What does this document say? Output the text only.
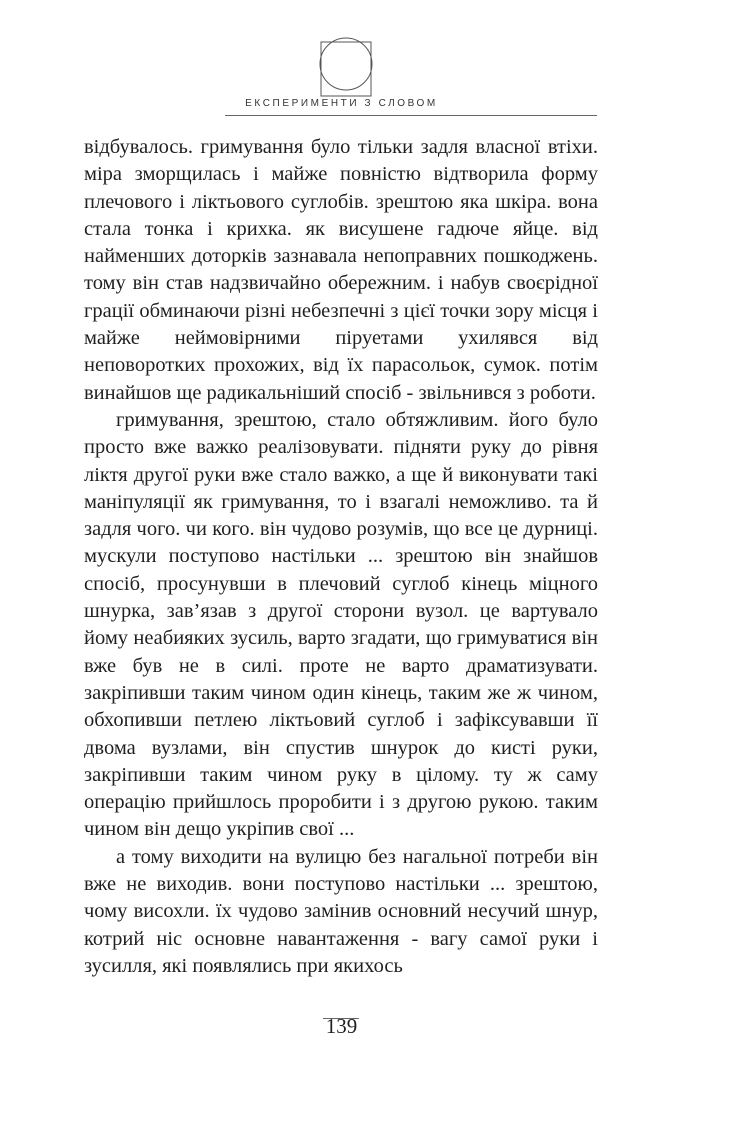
ЕКСПЕРИМЕНТИ З СЛОВОМ

відбувалось. гримування було тільки задля власної втіхи. міра зморщилась і майже повністю відтворила форму плечового і ліктьового суглобів. зрештою яка шкіра. вона стала тонка і крихка. як висушене гадюче яйце. від найменших доторків зазнавала непоправних пошкоджень. тому він став надзвичайно обережним. і набув своєрідної грації обминаючи різні небезпечні з цієї точки зору місця і майже неймовірними піруетами ухилявся від неповоротких прохожих, від їх парасольок, сумок. потім винайшов ще радикальніший спосіб - звільнився з роботи.

гримування, зрештою, стало обтяжливим. його було просто вже важко реалізовувати. підняти руку до рівня ліктя другої руки вже стало важко, а ще й виконувати такі маніпуляції як гримування, то і взагалі неможливо. та й задля чого. чи кого. він чудово розумів, що все це дурниці. мускули поступово настільки ... зрештою він знайшов спосіб, просунувши в плечовий суглоб кінець міцного шнурка, зав’язав з другої сторони вузол. це вартувало йому неабияких зусиль, варто згадати, що гримуватися він вже був не в силі. проте не варто драматизувати. закріпивши таким чином один кінець, таким же ж чином, обхопивши петлею ліктьовий суглоб і зафіксувавши її двома вузлами, він спустив шнурок до кисті руки, закріпивши таким чином руку в цілому. ту ж саму операцію прийшлось проробити і з другою рукою. таким чином він дещо укріпив свої ...

а тому виходити на вулицю без нагальної потреби він вже не виходив. вони поступово настільки ... зрештою, чому висохли. їх чудово замінив основний несучий шнур, котрий ніс основне навантаження - вагу самої руки і зусилля, які появлялись при якихось

139
